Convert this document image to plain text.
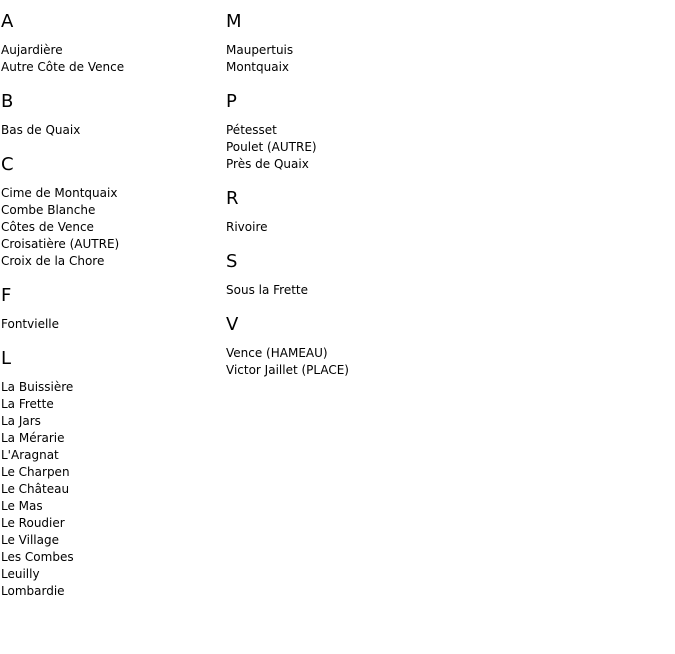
A
Aujardière
Autre Côte de Vence
B
Bas de Quaix
C
Cime de Montquaix
Combe Blanche
Côtes de Vence
Croisatière (AUTRE)
Croix de la Chore
F
Fontvielle
L
La Buissière
La Frette
La Jars
La Mérarie
L'Aragnat
Le Charpen
Le Château
Le Mas
Le Roudier
Le Village
Les Combes
Leuilly
Lombardie
M
Maupertuis
Montquaix
P
Pétesset
Poulet (AUTRE)
Près de Quaix
R
Rivoire
S
Sous la Frette
V
Vence (HAMEAU)
Victor Jaillet (PLACE)
